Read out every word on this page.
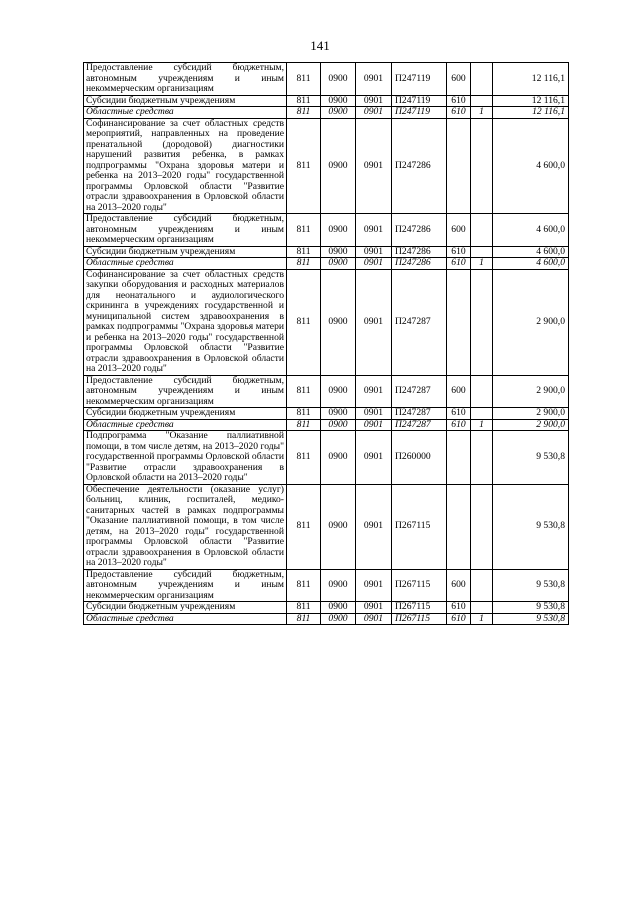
141
Предоставление субсидий бюджетным, автономным учреждениям и иным некоммерческим организациям	811	0900	0901	П247119	600		12 116,1
Субсидии бюджетным учреждениям	811	0900	0901	П247119	610		12 116,1
Областные средства	811	0900	0901	П247119	610	1	12 116,1
Софинансирование за счет областных средств мероприятий, направленных на проведение пренатальной (дородовой) диагностики нарушений развития ребенка, в рамках подпрограммы "Охрана здоровья матери и ребенка на 2013–2020 годы" государственной программы Орловской области "Развитие отрасли здравоохранения в Орловской области на 2013–2020 годы"	811	0900	0901	П247286			4 600,0
Предоставление субсидий бюджетным, автономным учреждениям и иным некоммерческим организациям	811	0900	0901	П247286	600		4 600,0
Субсидии бюджетным учреждениям	811	0900	0901	П247286	610		4 600,0
Областные средства	811	0900	0901	П247286	610	1	4 600,0
Софинансирование за счет областных средств закупки оборудования и расходных материалов для неонатального и аудиологического скрининга в учреждениях государственной и муниципальной систем здравоохранения в рамках подпрограммы "Охрана здоровья матери и ребенка на 2013–2020 годы" государственной программы Орловской области "Развитие отрасли здравоохранения в Орловской области на 2013–2020 годы"	811	0900	0901	П247287			2 900,0
Предоставление субсидий бюджетным, автономным учреждениям и иным некоммерческим организациям	811	0900	0901	П247287	600		2 900,0
Субсидии бюджетным учреждениям	811	0900	0901	П247287	610		2 900,0
Областные средства	811	0900	0901	П247287	610	1	2 900,0
Подпрограмма "Оказание паллиативной помощи, в том числе детям, на 2013–2020 годы" государственной программы Орловской области "Развитие отрасли здравоохранения в Орловской области на 2013–2020 годы"	811	0900	0901	П260000			9 530,8
Обеспечение деятельности (оказание услуг) больниц, клиник, госпиталей, медико-санитарных частей в рамках подпрограммы "Оказание паллиативной помощи, в том числе детям, на 2013–2020 годы" государственной программы Орловской области "Развитие отрасли здравоохранения в Орловской области на 2013–2020 годы"	811	0900	0901	П267115			9 530,8
Предоставление субсидий бюджетным, автономным учреждениям и иным некоммерческим организациям	811	0900	0901	П267115	600		9 530,8
Субсидии бюджетным учреждениям	811	0900	0901	П267115	610		9 530,8
Областные средства	811	0900	0901	П267115	610	1	9 530,8
